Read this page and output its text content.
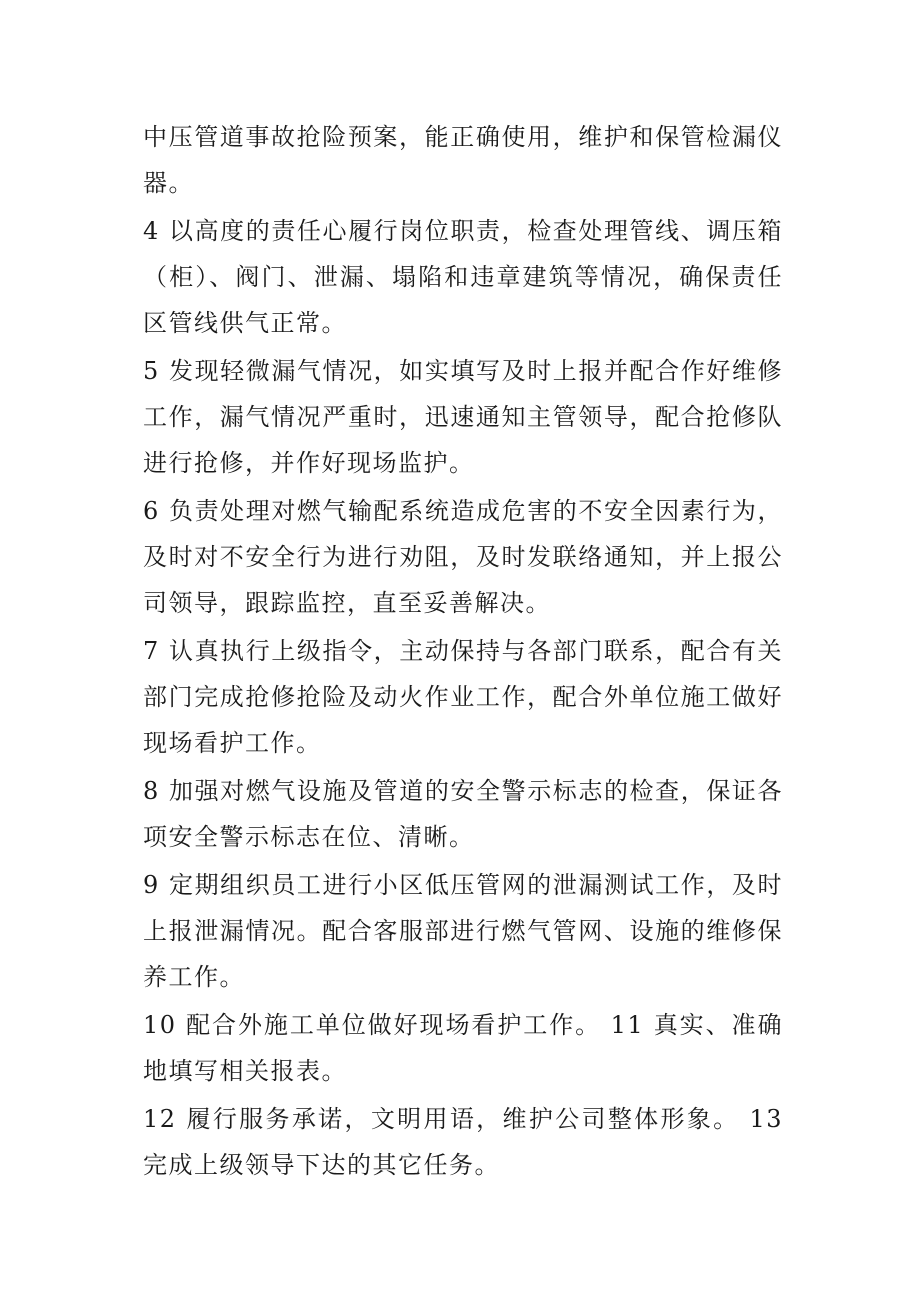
中压管道事故抢险预案，能正确使用，维护和保管检漏仪器。

4 以高度的责任心履行岗位职责，检查处理管线、调压箱（柜）、阀门、泄漏、塌陷和违章建筑等情况，确保责任区管线供气正常。

5 发现轻微漏气情况，如实填写及时上报并配合作好维修工作，漏气情况严重时，迅速通知主管领导，配合抢修队进行抢修，并作好现场监护。

6 负责处理对燃气输配系统造成危害的不安全因素行为，及时对不安全行为进行劝阻，及时发联络通知，并上报公司领导，跟踪监控，直至妥善解决。

7 认真执行上级指令，主动保持与各部门联系，配合有关部门完成抢修抢险及动火作业工作，配合外单位施工做好现场看护工作。

8 加强对燃气设施及管道的安全警示标志的检查，保证各项安全警示标志在位、清晰。

9 定期组织员工进行小区低压管网的泄漏测试工作，及时上报泄漏情况。配合客服部进行燃气管网、设施的维修保养工作。

10 配合外施工单位做好现场看护工作。 11 真实、准确地填写相关报表。

12 履行服务承诺，文明用语，维护公司整体形象。 13 完成上级领导下达的其它任务。
